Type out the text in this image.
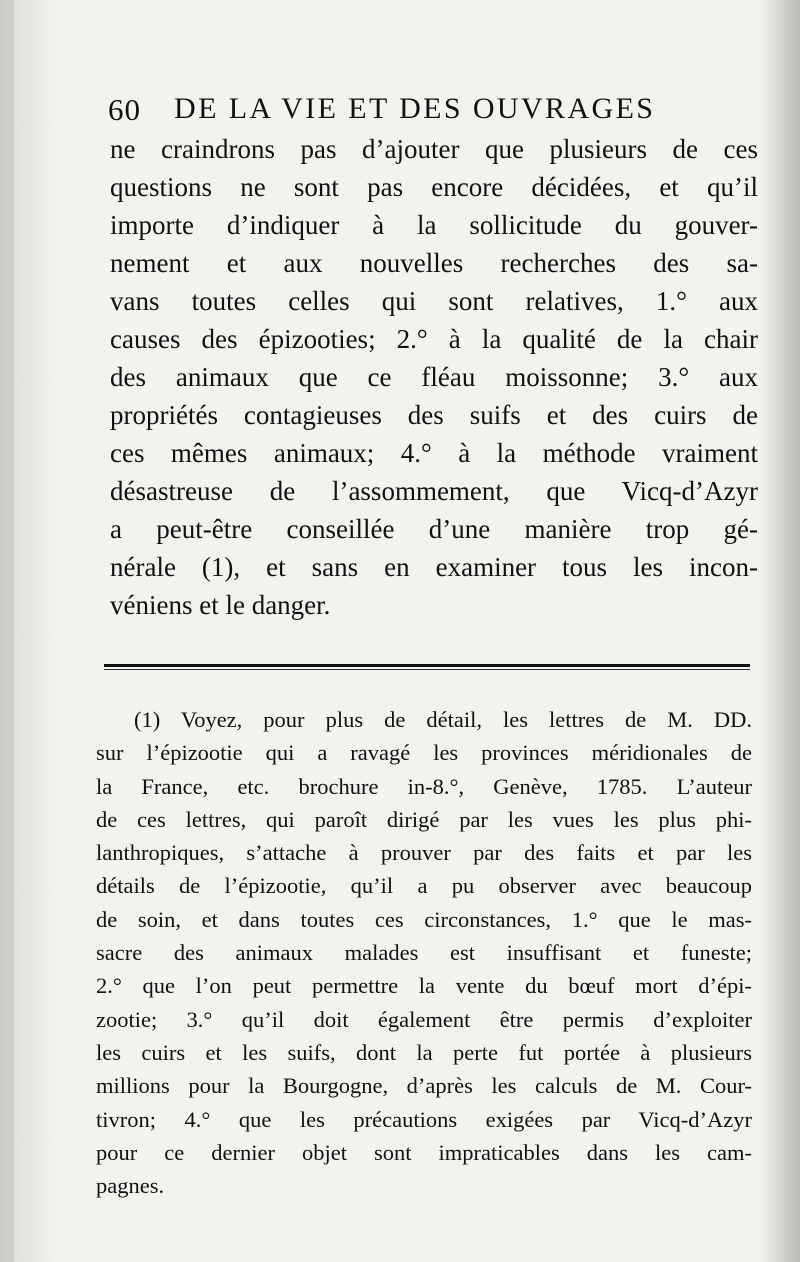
60 DE LA VIE ET DES OUVRAGES
ne craindrons pas d’ajouter que plusieurs de ces
questions ne sont pas encore décidées, et qu’il
importe d’indiquer à la sollicitude du gouver-
nement et aux nouvelles recherches des sa-
vans toutes celles qui sont relatives, 1.° aux
causes des épizooties; 2.° à la qualité de la chair
des animaux que ce fléau moissonne; 3.° aux
propriétés contagieuses des suifs et des cuirs de
ces mêmes animaux; 4.° à la méthode vraiment
désastreuse de l’assommement, que Vicq-d’Azyr
a peut-être conseillée d’une manière trop gé-
nérale (1), et sans en examiner tous les incon-
véniens et le danger.
(1) Voyez, pour plus de détail, les lettres de M. DD.
sur l’épizootie qui a ravagé les provinces méridionales de
la France, etc. brochure in-8.°, Genève, 1785. L’auteur
de ces lettres, qui paroît dirigé par les vues les plus phi-
lanthropiques, s’attache à prouver par des faits et par les
détails de l’épizootie, qu’il a pu observer avec beaucoup
de soin, et dans toutes ces circonstances, 1.° que le mas-
sacre des animaux malades est insuffisant et funeste;
2.° que l’on peut permettre la vente du bœuf mort d’épi-
zootie; 3.° qu’il doit également être permis d’exploiter
les cuirs et les suifs, dont la perte fut portée à plusieurs
millions pour la Bourgogne, d’après les calculs de M. Cour-
tivron; 4.° que les précautions exigées par Vicq-d’Azyr
pour ce dernier objet sont impraticables dans les cam-
pagnes.
